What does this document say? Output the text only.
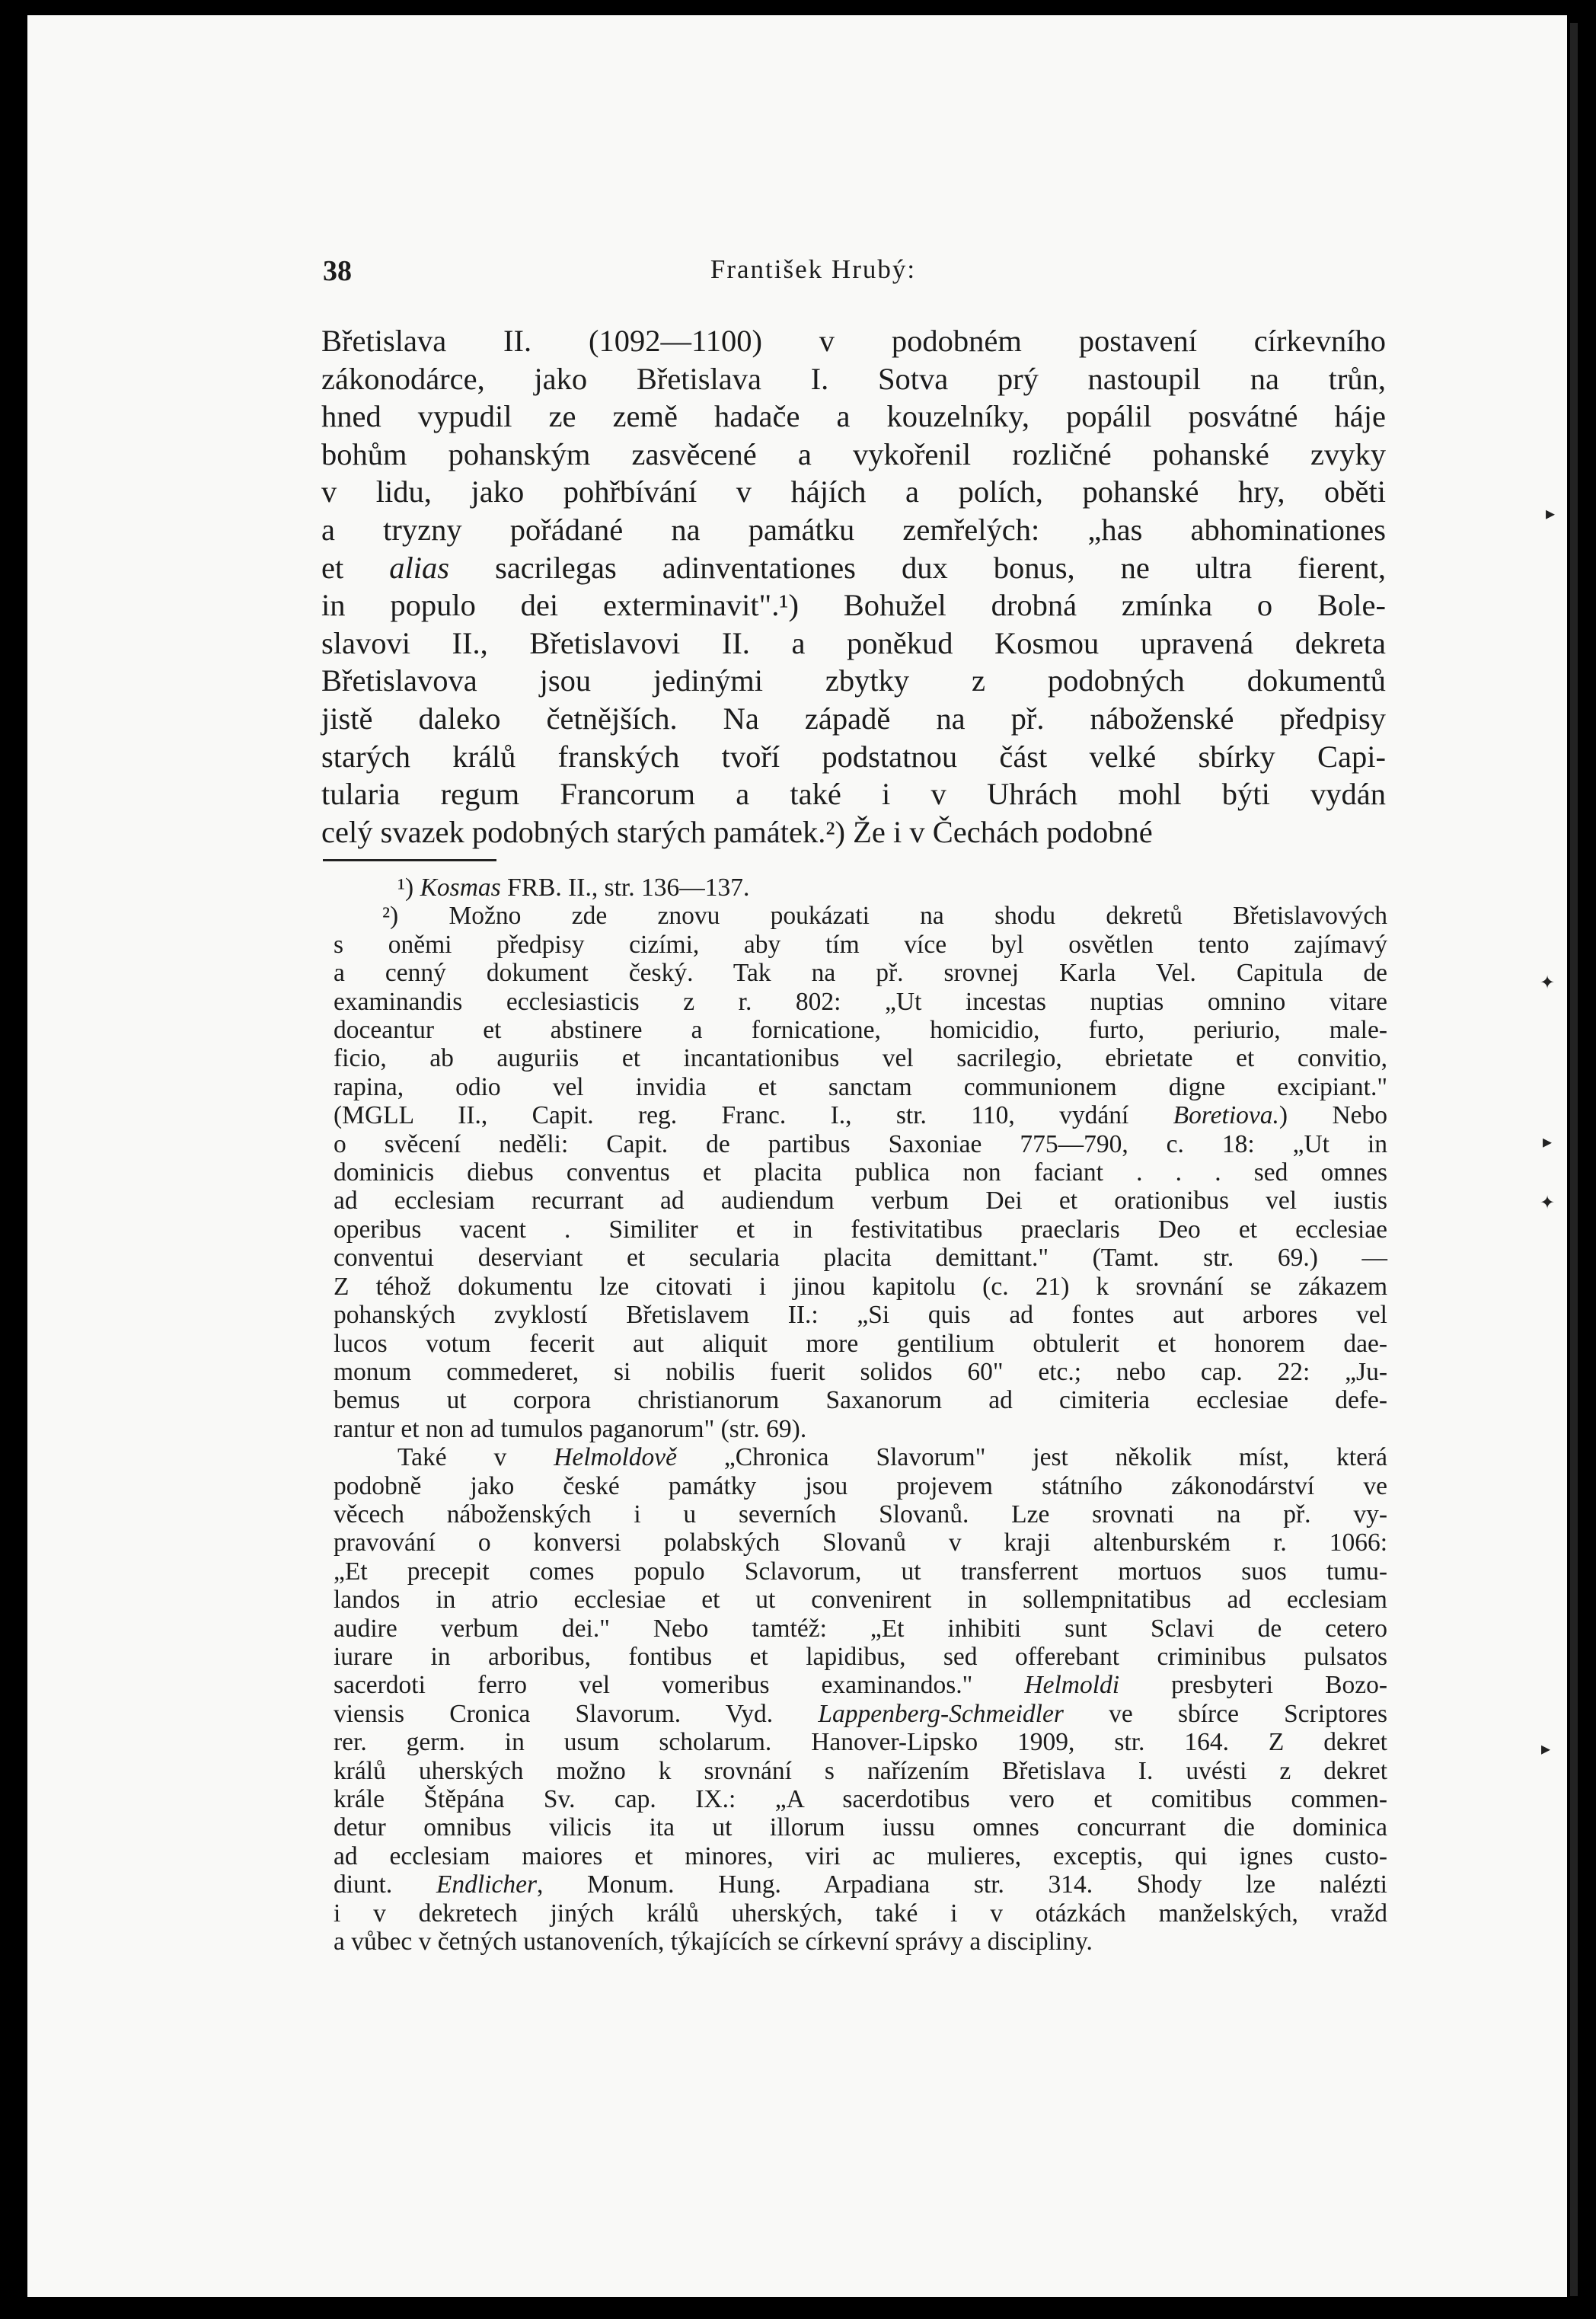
38	František Hrubý:
Břetislava II. (1092—1100) v podobném postavení církevního
zákonodárce, jako Břetislava I. Sotva prý nastoupil na trůn,
hned vypudil ze země hadače a kouzelníky, popálil posvátné háje
bohům pohanským zasvěcené a vykořenil rozličné pohanské zvyky
v lidu, jako pohřbívání v hájích a polích, pohanské hry, oběti
a tryzny pořádané na památku zemřelých: „has abhominationes
et alias sacrilegas adinventationes dux bonus, ne ultra fierent,
in populo dei exterminavit".¹) Bohužel drobná zmínka o Bole-
slavovi II., Břetislavovi II. a poněkud Kosmou upravená dekreta
Břetislavova jsou jedinými zbytky z podobných dokumentů
jistě daleko četnějších. Na západě na př. náboženské předpisy
starých králů franských tvoří podstatnou část velké sbírky Capi-
tularia regum Francorum a také i v Uhrách mohl býti vydán
celý svazek podobných starých památek.²) Že i v Čechách podobné
¹) Kosmas FRB. II., str. 136—137.
²) Možno zde znovu poukázati na shodu dekretů Břetislavových
s oněmi předpisy cizími, aby tím více byl osvětlen tento zajímavý
a cenný dokument český. Tak na př. srovnej Karla Vel. Capitula de
examinandis ecclesiasticis z r. 802: „Ut incestas nuptias omnino vitare
doceantur et abstinere a fornicatione, homicidio, furto, periurio, male-
ficio, ab auguriis et incantationibus vel sacrilegio, ebrietate et convitio,
rapina, odio vel invidia et sanctam communionem digne excipiant."
(MGLL II., Capit. reg. Franc. I., str. 110, vydání Boretiova.) Nebo
o svěcení neděli: Capit. de partibus Saxoniae 775—790, c. 18: „Ut in
dominicis diebus conventus et placita publica non faciant . . . sed omnes
ad ecclesiam recurrant ad audiendum verbum Dei et orationibus vel iustis
operibus vacent . Similiter et in festivitatibus praeclaris Deo et ecclesiae
conventui deserviant et secularia placita demittant." (Tamt. str. 69.) —
Z téhož dokumentu lze citovati i jinou kapitolu (c. 21) k srovnání se zákazem
pohanských zvyklostí Břetislavem II.: „Si quis ad fontes aut arbores vel
lucos votum fecerit aut aliquit more gentilium obtulerit et honorem dae-
monum commederet, si nobilis fuerit solidos 60" etc.; nebo cap. 22: „Ju-
bemus ut corpora christianorum Saxanorum ad cimiteria ecclesiae defe-
rantur et non ad tumulos paganorum" (str. 69).
Také v Helmoldově „Chronica Slavorum" jest několik míst, která
podobně jako české památky jsou projevem státního zákonodárství ve
věcech náboženských i u severních Slovanů. Lze srovnati na př. vy-
pravování o konversi polabských Slovanů v kraji altenburském r. 1066:
„Et precepit comes populo Sclavorum, ut transferrent mortuos suos tumu-
landos in atrio ecclesiae et ut convenirent in sollempnitatibus ad ecclesiam
audire verbum dei." Nebo tamtéž: „Et inhibiti sunt Sclavi de cetero
iurare in arboribus, fontibus et lapidibus, sed offerebant criminibus pulsatos
sacerdoti ferro vel vomeribus examinandos." Helmoldi presbyteri Bozo-
viensis Cronica Slavorum. Vyd. Lappenberg-Schmeidler ve sbírce Scriptores
rer. germ. in usum scholarum. Hanover-Lipsko 1909, str. 164. Z dekret
králů uherských možno k srovnání s nařízením Břetislava I. uvésti z dekret
krále Štěpána Sv. cap. IX.: „A sacerdotibus vero et comitibus commen-
detur omnibus vilicis ita ut illorum iussu omnes concurrant die dominica
ad ecclesiam maiores et minores, viri ac mulieres, exceptis, qui ignes custo-
diunt. Endlicher, Monum. Hung. Arpadiana str. 314. Shody lze nalézti
i v dekretech jiných králů uherských, také i v otázkách manželských, vražd
a vůbec v četných ustanoveních, týkajících se církevní správy a discipliny.
▸
✦
▸
✦
▸
